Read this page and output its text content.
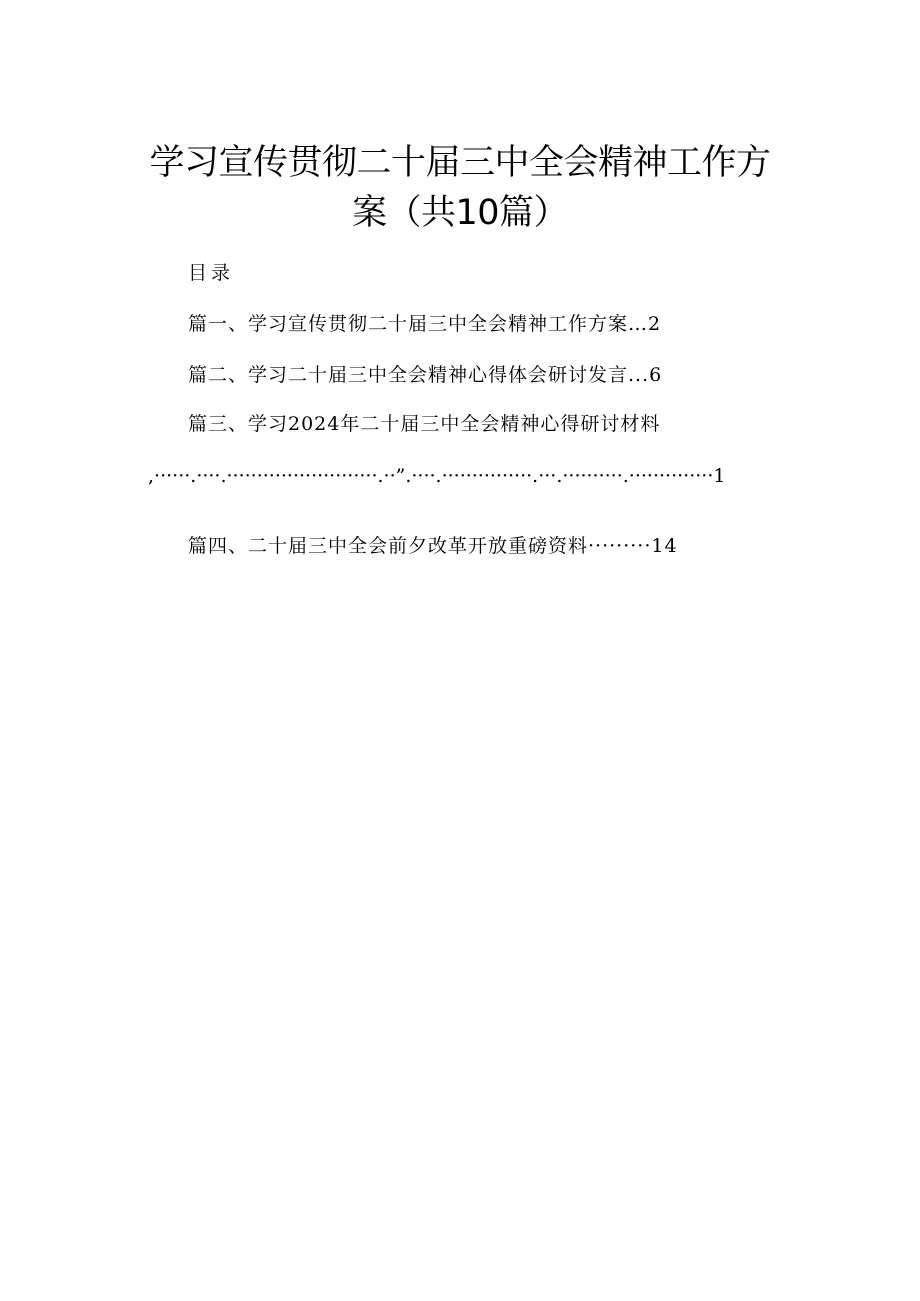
学习宣传贯彻二十届三中全会精神工作方
案（共10篇）
目录
篇一、学习宣传贯彻二十届三中全会精神工作方案…2
篇二、学习二十届三中全会精神心得体会研讨发言...6
篇三、学习2024年二十届三中全会精神心得研讨材料
,······.····.·························.··”.····.···············.···.··········.··············1
篇四、二十届三中全会前夕改革开放重磅资料·········14
